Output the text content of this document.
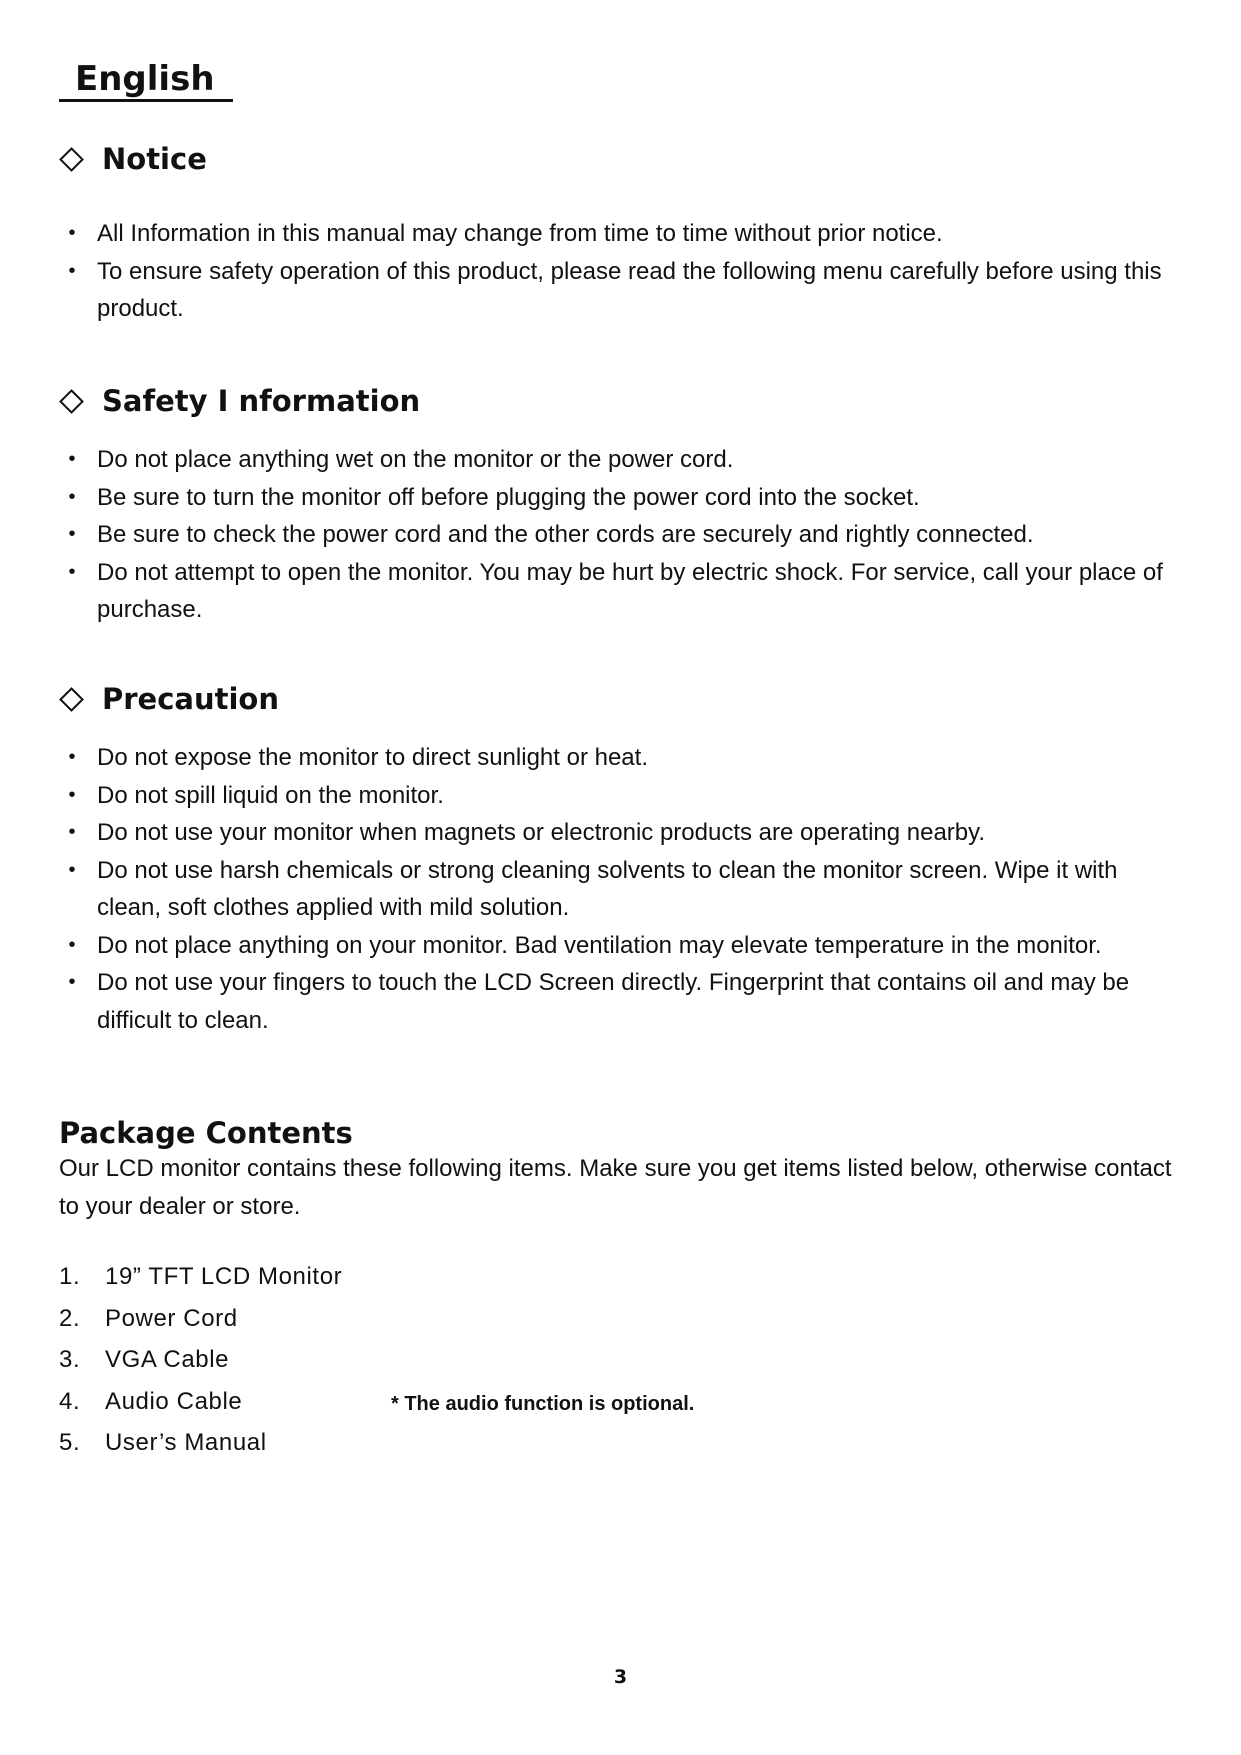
English
Notice
• All Information in this manual may change from time to time without prior notice.
• To ensure safety operation of this product, please read the following menu carefully before using this product.
Safety I nformation
• Do not place anything wet on the monitor or the power cord.
• Be sure to turn the monitor off before plugging the power cord into the socket.
• Be sure to check the power cord and the other cords are securely and rightly connected.
• Do not attempt to open the monitor. You may be hurt by electric shock. For service, call your place of purchase.
Precaution
• Do not expose the monitor to direct sunlight or heat.
• Do not spill liquid on the monitor.
• Do not use your monitor when magnets or electronic products are operating nearby.
• Do not use harsh chemicals or strong cleaning solvents to clean the monitor screen. Wipe it with clean, soft clothes applied with mild solution.
• Do not place anything on your monitor. Bad ventilation may elevate temperature in the monitor.
• Do not use your fingers to touch the LCD Screen directly. Fingerprint that contains oil and may be difficult to clean.
Package Contents
Our LCD monitor contains these following items. Make sure you get items listed below, otherwise contact to your dealer or store.
1. 19” TFT LCD Monitor
2. Power Cord
3. VGA Cable
4. Audio Cable
5. User’s Manual
* The audio function is optional.
3
